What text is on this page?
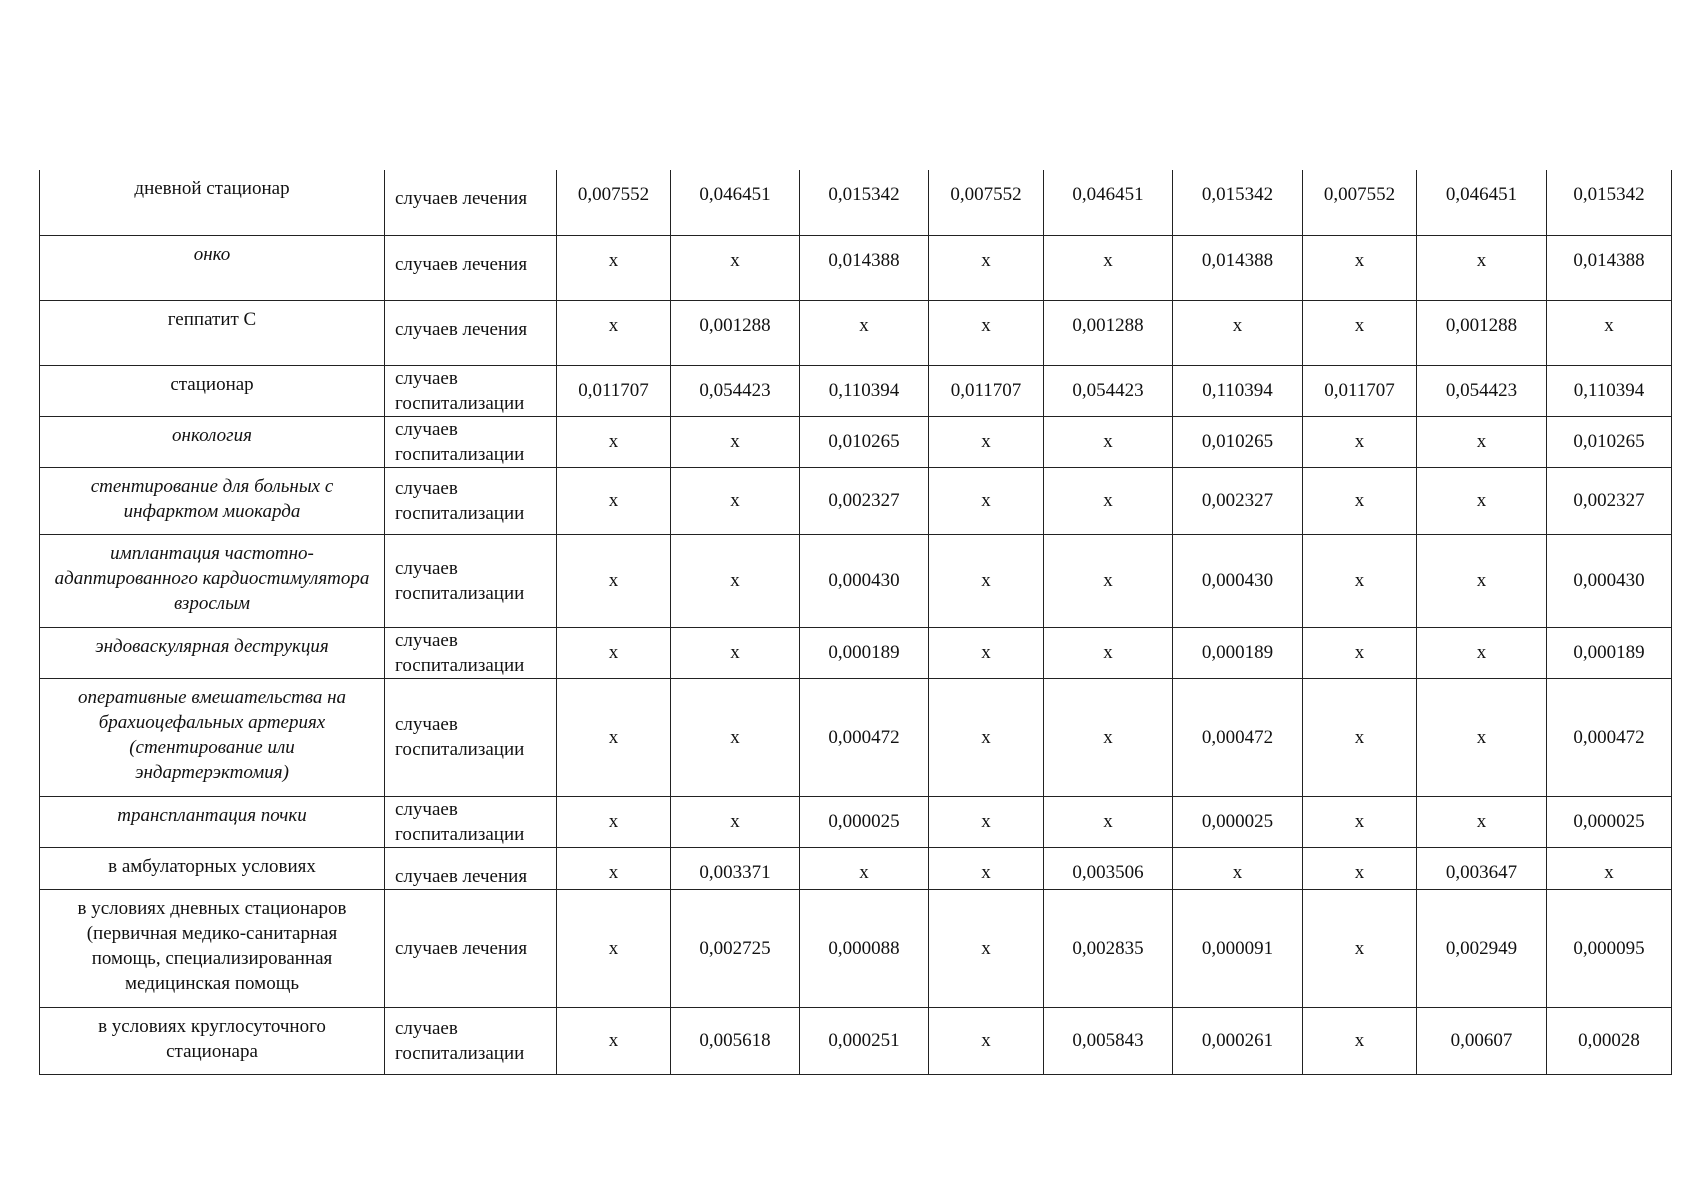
дневной стационар	случаев лечения	0,007552	0,046451	0,015342	0,007552	0,046451	0,015342	0,007552	0,046451	0,015342
онко	случаев лечения	х	х	0,014388	х	х	0,014388	х	х	0,014388
геппатит С	случаев лечения	х	0,001288	х	х	0,001288	х	х	0,001288	х
стационар	случаев госпитализации	0,011707	0,054423	0,110394	0,011707	0,054423	0,110394	0,011707	0,054423	0,110394
онкология	случаев госпитализации	х	х	0,010265	х	х	0,010265	х	х	0,010265
стентирование для больных с инфарктом миокарда	случаев госпитализации	х	х	0,002327	х	х	0,002327	х	х	0,002327
имплантация частотно-адаптированного кардиостимулятора взрослым	случаев госпитализации	х	х	0,000430	х	х	0,000430	х	х	0,000430
эндоваскулярная деструкция	случаев госпитализации	х	х	0,000189	х	х	0,000189	х	х	0,000189
оперативные вмешательства на брахиоцефальных артериях (стентирование или эндартерэктомия)	случаев госпитализации	х	х	0,000472	х	х	0,000472	х	х	0,000472
трансплантация почки	случаев госпитализации	х	х	0,000025	х	х	0,000025	х	х	0,000025
в амбулаторных условиях	случаев лечения	х	0,003371	х	х	0,003506	х	х	0,003647	х
в условиях дневных стационаров (первичная медико-санитарная помощь, специализированная медицинская помощь	случаев лечения	х	0,002725	0,000088	х	0,002835	0,000091	х	0,002949	0,000095
в условиях круглосуточного стационара	случаев госпитализации	х	0,005618	0,000251	х	0,005843	0,000261	х	0,00607	0,00028
